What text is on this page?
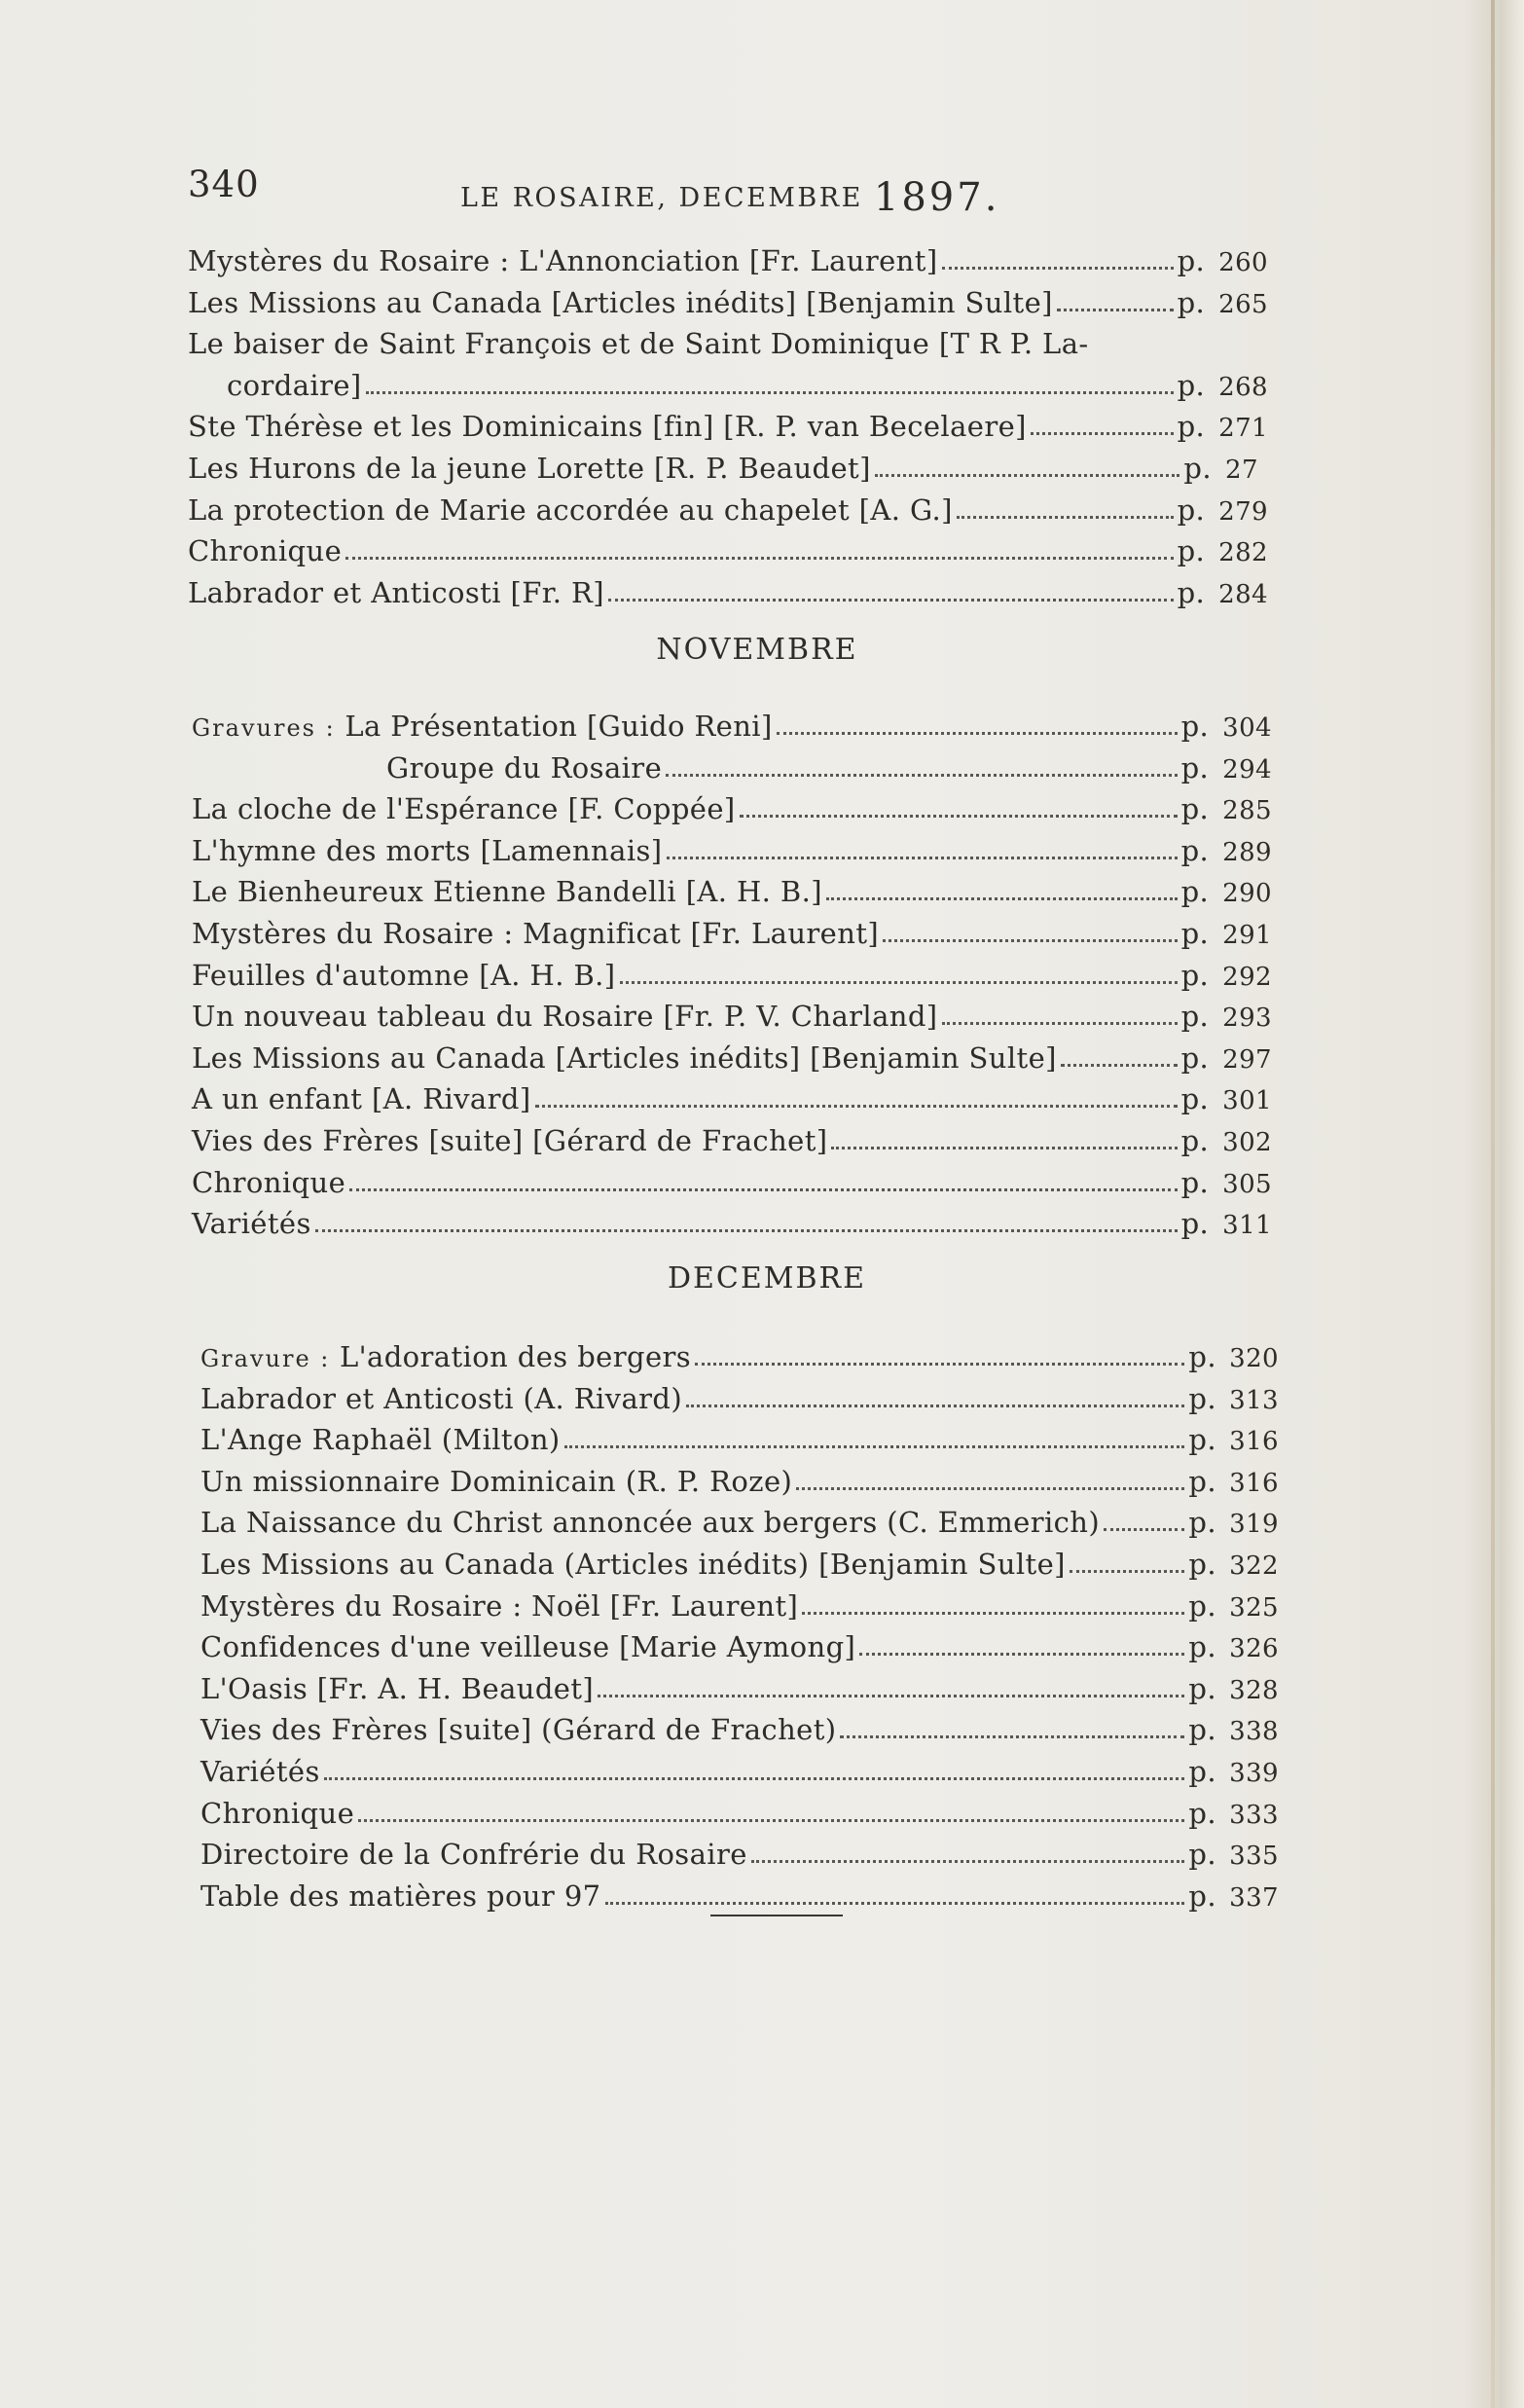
340	LE ROSAIRE, DECEMBRE 1897.
Mystères du Rosaire : L'Annonciation [Fr. Laurent]	p. 260
Les Missions au Canada [Articles inédits] [Benjamin Sulte]	p. 265
Le baiser de Saint François et de Saint Dominique [T R P. La-
cordaire]	p. 268
Ste Thérèse et les Dominicains [fin] [R. P. van Becelaere]	p. 271
Les Hurons de la jeune Lorette [R. P. Beaudet]	p. 27
La protection de Marie accordée au chapelet [A. G.]	p. 279
Chronique	p. 282
Labrador et Anticosti [Fr. R]	p. 284
NOVEMBRE
Gravures : La Présentation [Guido Reni]	p. 304
Groupe du Rosaire	p. 294
La cloche de l'Espérance [F. Coppée]	p. 285
L'hymne des morts [Lamennais]	p. 289
Le Bienheureux Etienne Bandelli [A. H. B.]	p. 290
Mystères du Rosaire : Magnificat [Fr. Laurent]	p. 291
Feuilles d'automne [A. H. B.]	p. 292
Un nouveau tableau du Rosaire [Fr. P. V. Charland]	p. 293
Les Missions au Canada [Articles inédits] [Benjamin Sulte]	p. 297
A un enfant [A. Rivard]	p. 301
Vies des Frères [suite] [Gérard de Frachet]	p. 302
Chronique	p. 305
Variétés	p. 311
DECEMBRE
Gravure : L'adoration des bergers	p. 320
Labrador et Anticosti (A. Rivard)	p. 313
L'Ange Raphaël (Milton)	p. 316
Un missionnaire Dominicain (R. P. Roze)	p. 316
La Naissance du Christ annoncée aux bergers (C. Emmerich)	p. 319
Les Missions au Canada (Articles inédits) [Benjamin Sulte]	p. 322
Mystères du Rosaire : Noël [Fr. Laurent]	p. 325
Confidences d'une veilleuse [Marie Aymong]	p. 326
L'Oasis [Fr. A. H. Beaudet]	p. 328
Vies des Frères [suite] (Gérard de Frachet)	p. 338
Variétés	p. 339
Chronique	p. 333
Directoire de la Confrérie du Rosaire	p. 335
Table des matières pour 97	p. 337
